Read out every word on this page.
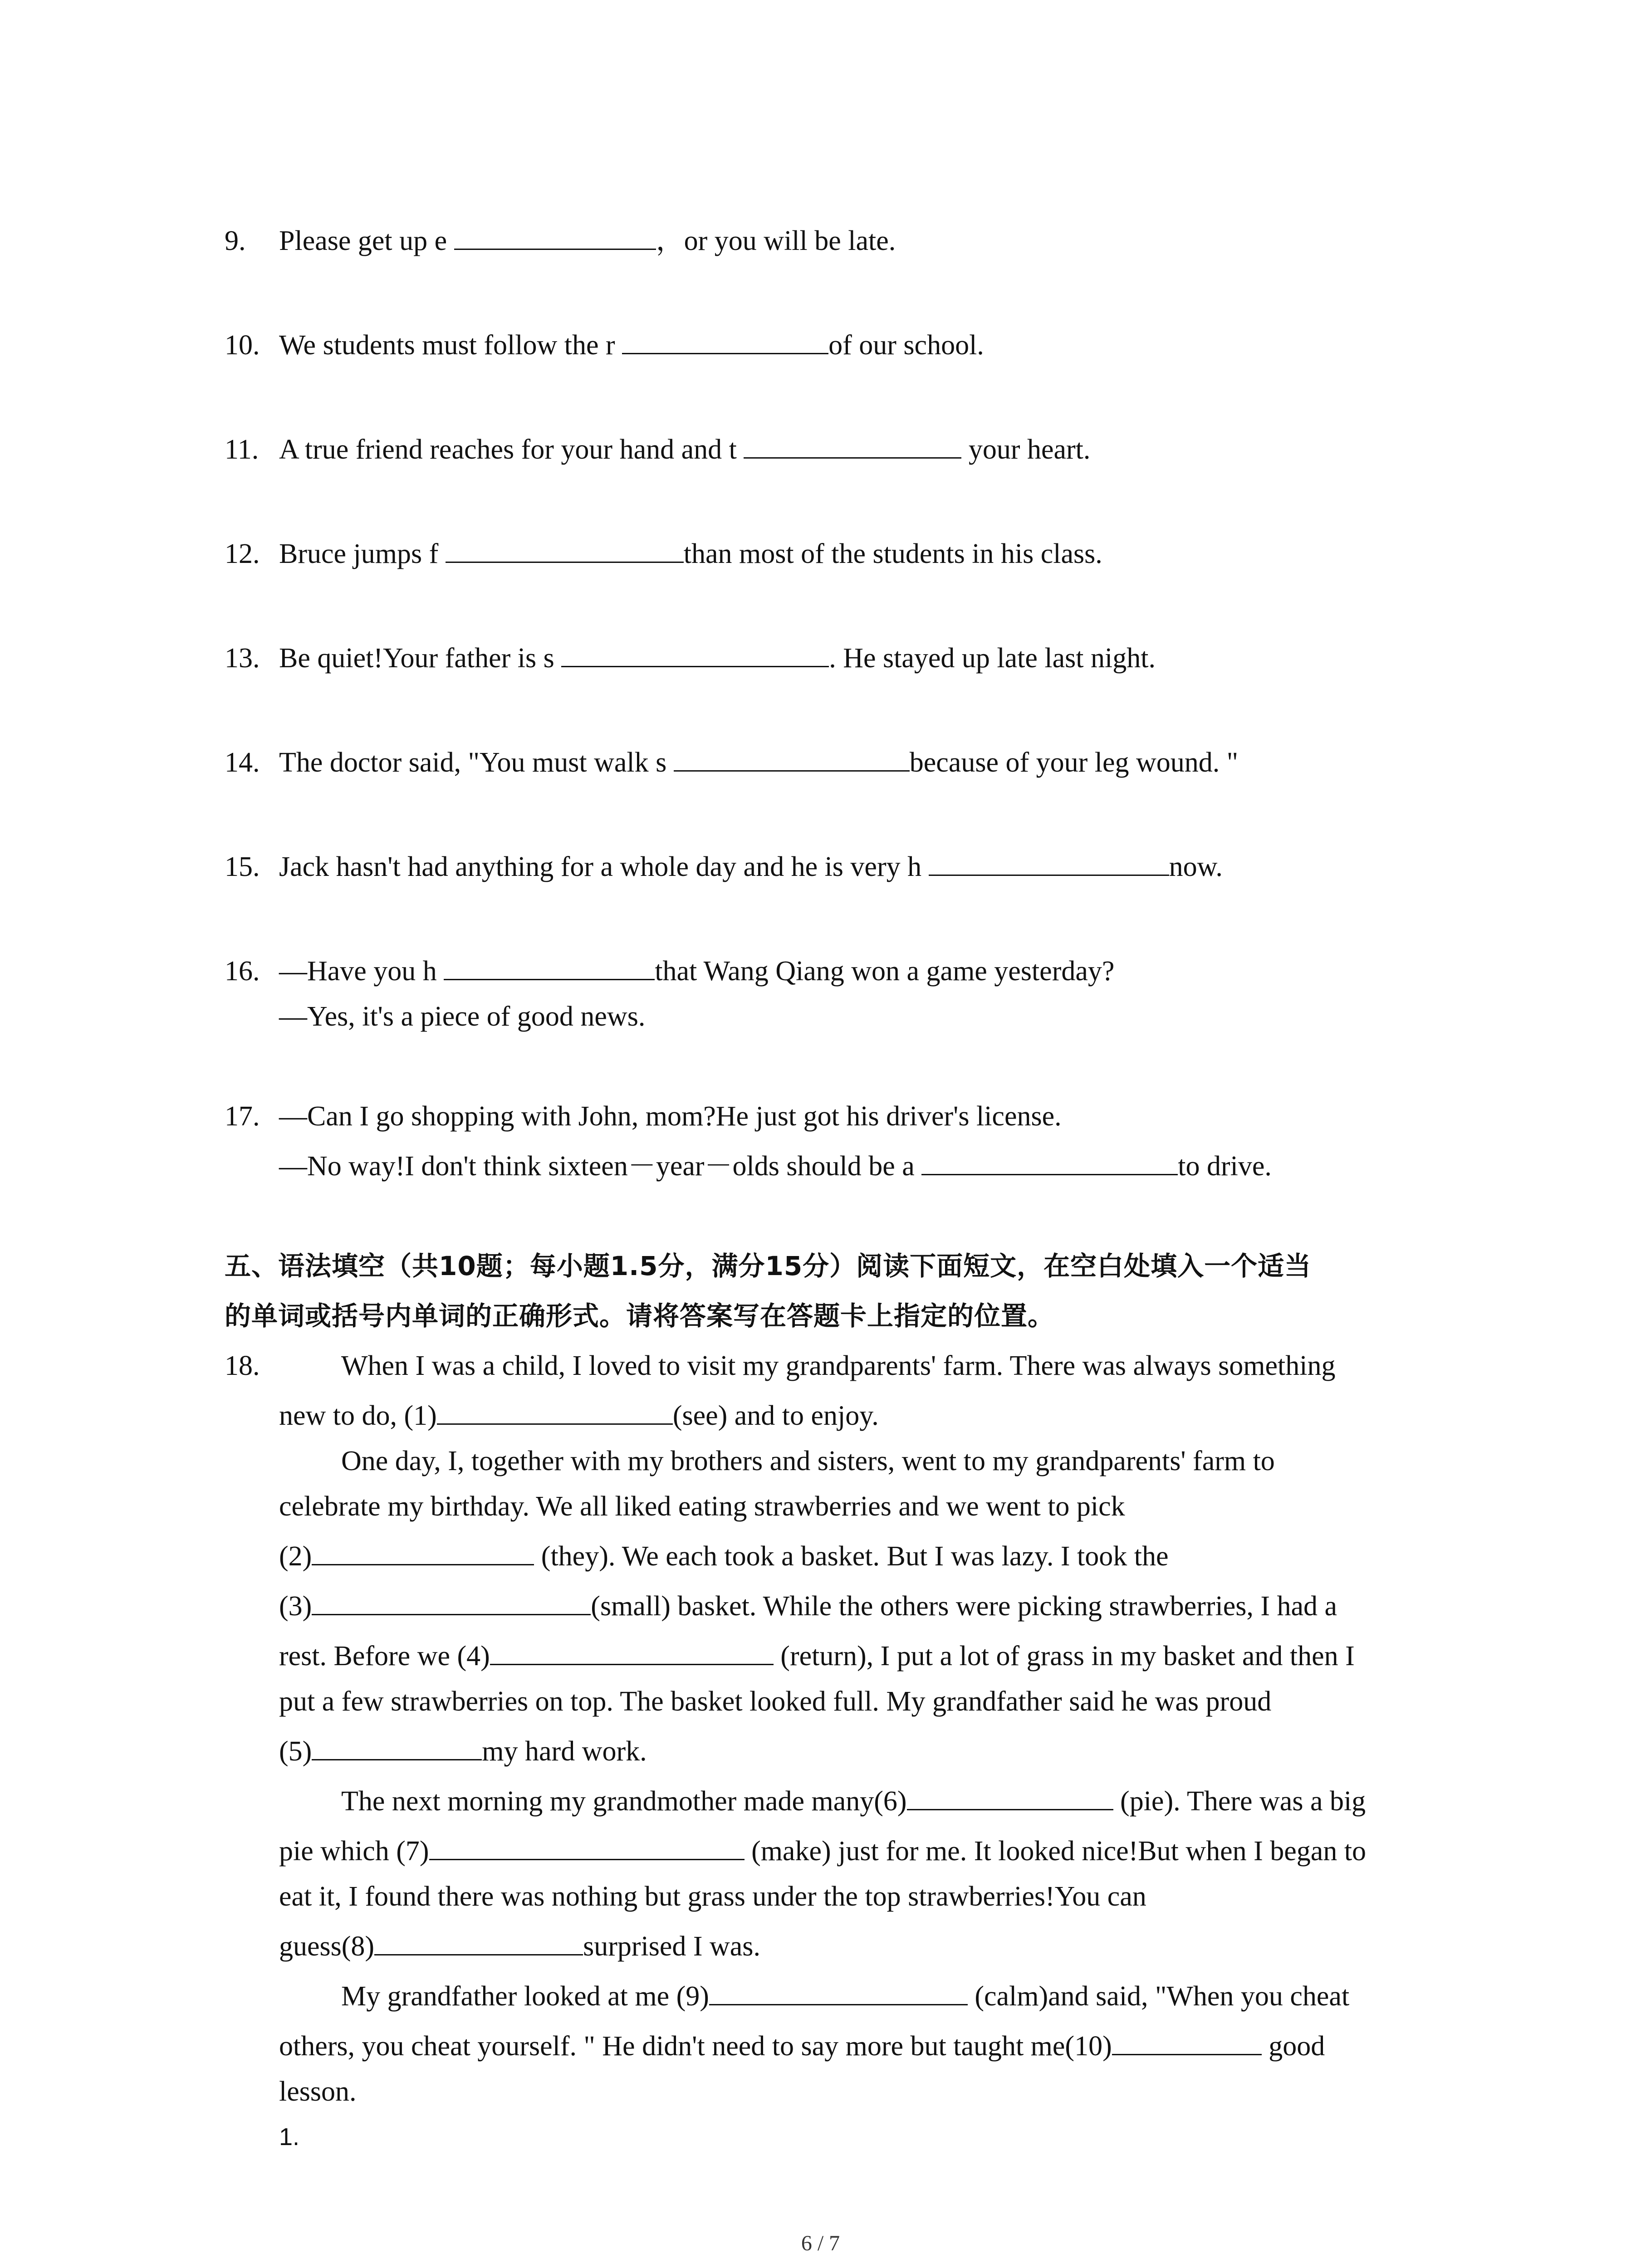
9.	Please get up e	，or you will be late.
10. We students must follow the r	of our school.
11. A true friend reaches for your hand and t	your heart.
12. Bruce jumps f	than most of the students in his class.
13. Be quiet!Your father is s	. He stayed up late last night.
14. The doctor said, "You must walk s	because of your leg wound. "
15. Jack hasn't had anything for a whole day and he is very h	now.
16. —Have you h	that Wang Qiang won a game yesterday?
—Yes, it's a piece of good news.
17. —Can I go shopping with John, mom?He just got his driver's license.
—No way!I don't think sixteen－year－olds should be a	to drive.
五、语法填空（共10题；每小题1.5分，满分15分）阅读下面短文，在空白处填入一个适当
的单词或括号内单词的正确形式。请将答案写在答题卡上指定的位置。
18.	When I was a child, I loved to visit my grandparents' farm. There was always something
new to do, (1)	(see) and to enjoy.
One day, I, together with my brothers and sisters, went to my grandparents' farm to
celebrate my birthday. We all liked eating strawberries and we went to pick
(2)	(they). We each took a basket. But I was lazy. I took the
(3)	(small) basket. While the others were picking strawberries, I had a
rest. Before we (4)	(return), I put a lot of grass in my basket and then I
put a few strawberries on top. The basket looked full. My grandfather said he was proud
(5)	my hard work.
The next morning my grandmother made many(6)	(pie). There was a big
pie which (7)	(make) just for me. It looked nice!But when I began to
eat it, I found there was nothing but grass under the top strawberries!You can
guess(8)	surprised I was.
My grandfather looked at me (9)	(calm)and said, "When you cheat
others, you cheat yourself. " He didn't need to say more but taught me(10)	good
lesson.
1.
6 / 7
